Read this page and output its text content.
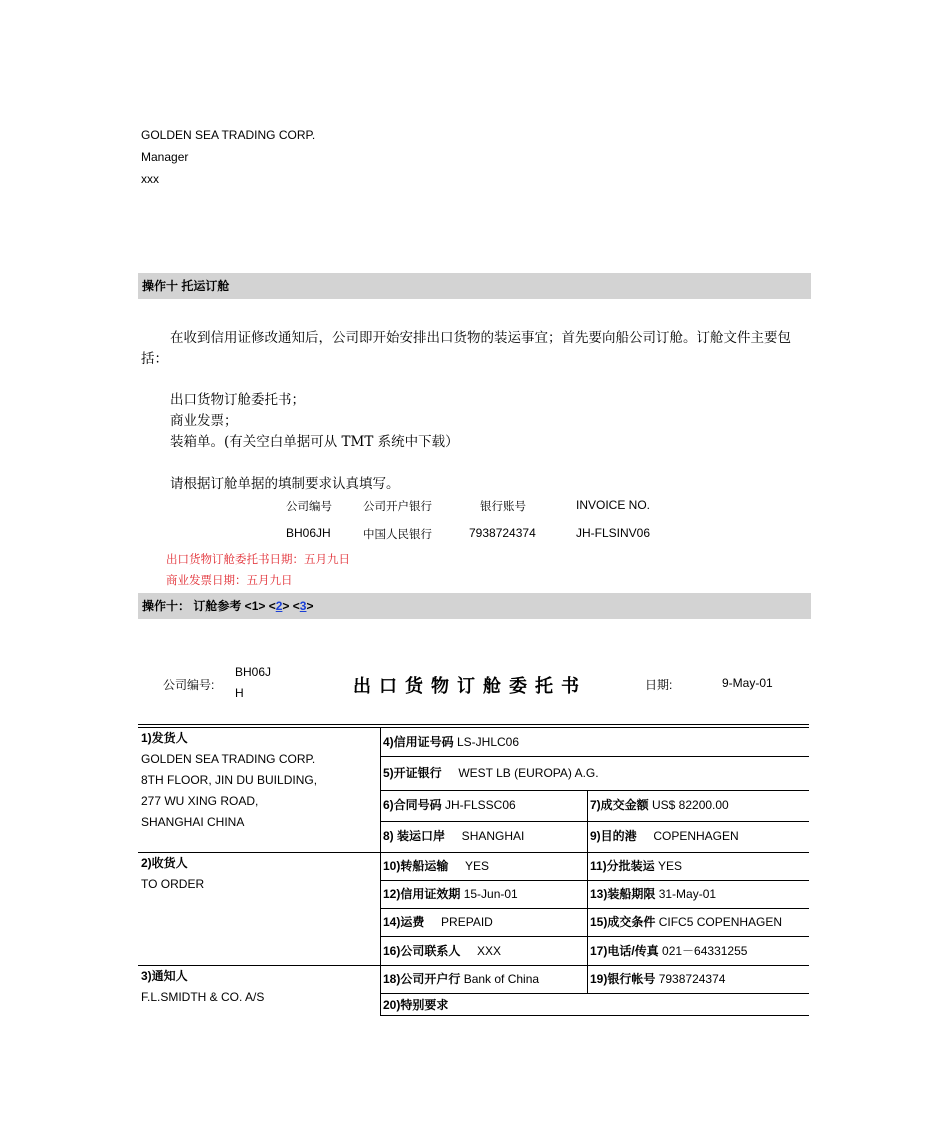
GOLDEN SEA TRADING CORP.
Manager
xxx
操作十 托运订舱
在收到信用证修改通知后，公司即开始安排出口货物的装运事宜；首先要向船公司订舱。订舱文件主要包
括：
出口货物订舱委托书；
商业发票；
装箱单。(有关空白单据可从 TMT 系统中下载）
请根据订舱单据的填制要求认真填写。
公司编号	公司开户银行	银行账号	INVOICE NO.
BH06JH	中国人民银行	7938724374	JH-FLSINV06
出口货物订舱委托书日期：五月九日
商业发票日期：五月九日
操作十： 订舱参考 <1> <2> <3>
公司编号:
BH06J
H	出口货物订舱委托书	日期:	9-May-01
1)发货人
GOLDEN SEA TRADING CORP.
8TH FLOOR, JIN DU BUILDING,
277 WU XING ROAD,
SHANGHAI CHINA
2)收货人
TO ORDER
3)通知人
F.L.SMIDTH & CO. A/S
4)信用证号码 LS-JHLC06
5)开证银行     WEST LB (EUROPA) A.G.
6)合同号码 JH-FLSSC06	7)成交金额 US$ 82200.00
8) 装运口岸     SHANGHAI	9)目的港     COPENHAGEN
10)转船运输     YES	11)分批装运 YES
12)信用证效期 15-Jun-01	13)装船期限 31-May-01
14)运费     PREPAID	15)成交条件 CIFC5 COPENHAGEN
16)公司联系人     XXX	17)电话/传真 021－64331255
18)公司开户行 Bank of China	19)银行帐号 7938724374
20)特别要求
